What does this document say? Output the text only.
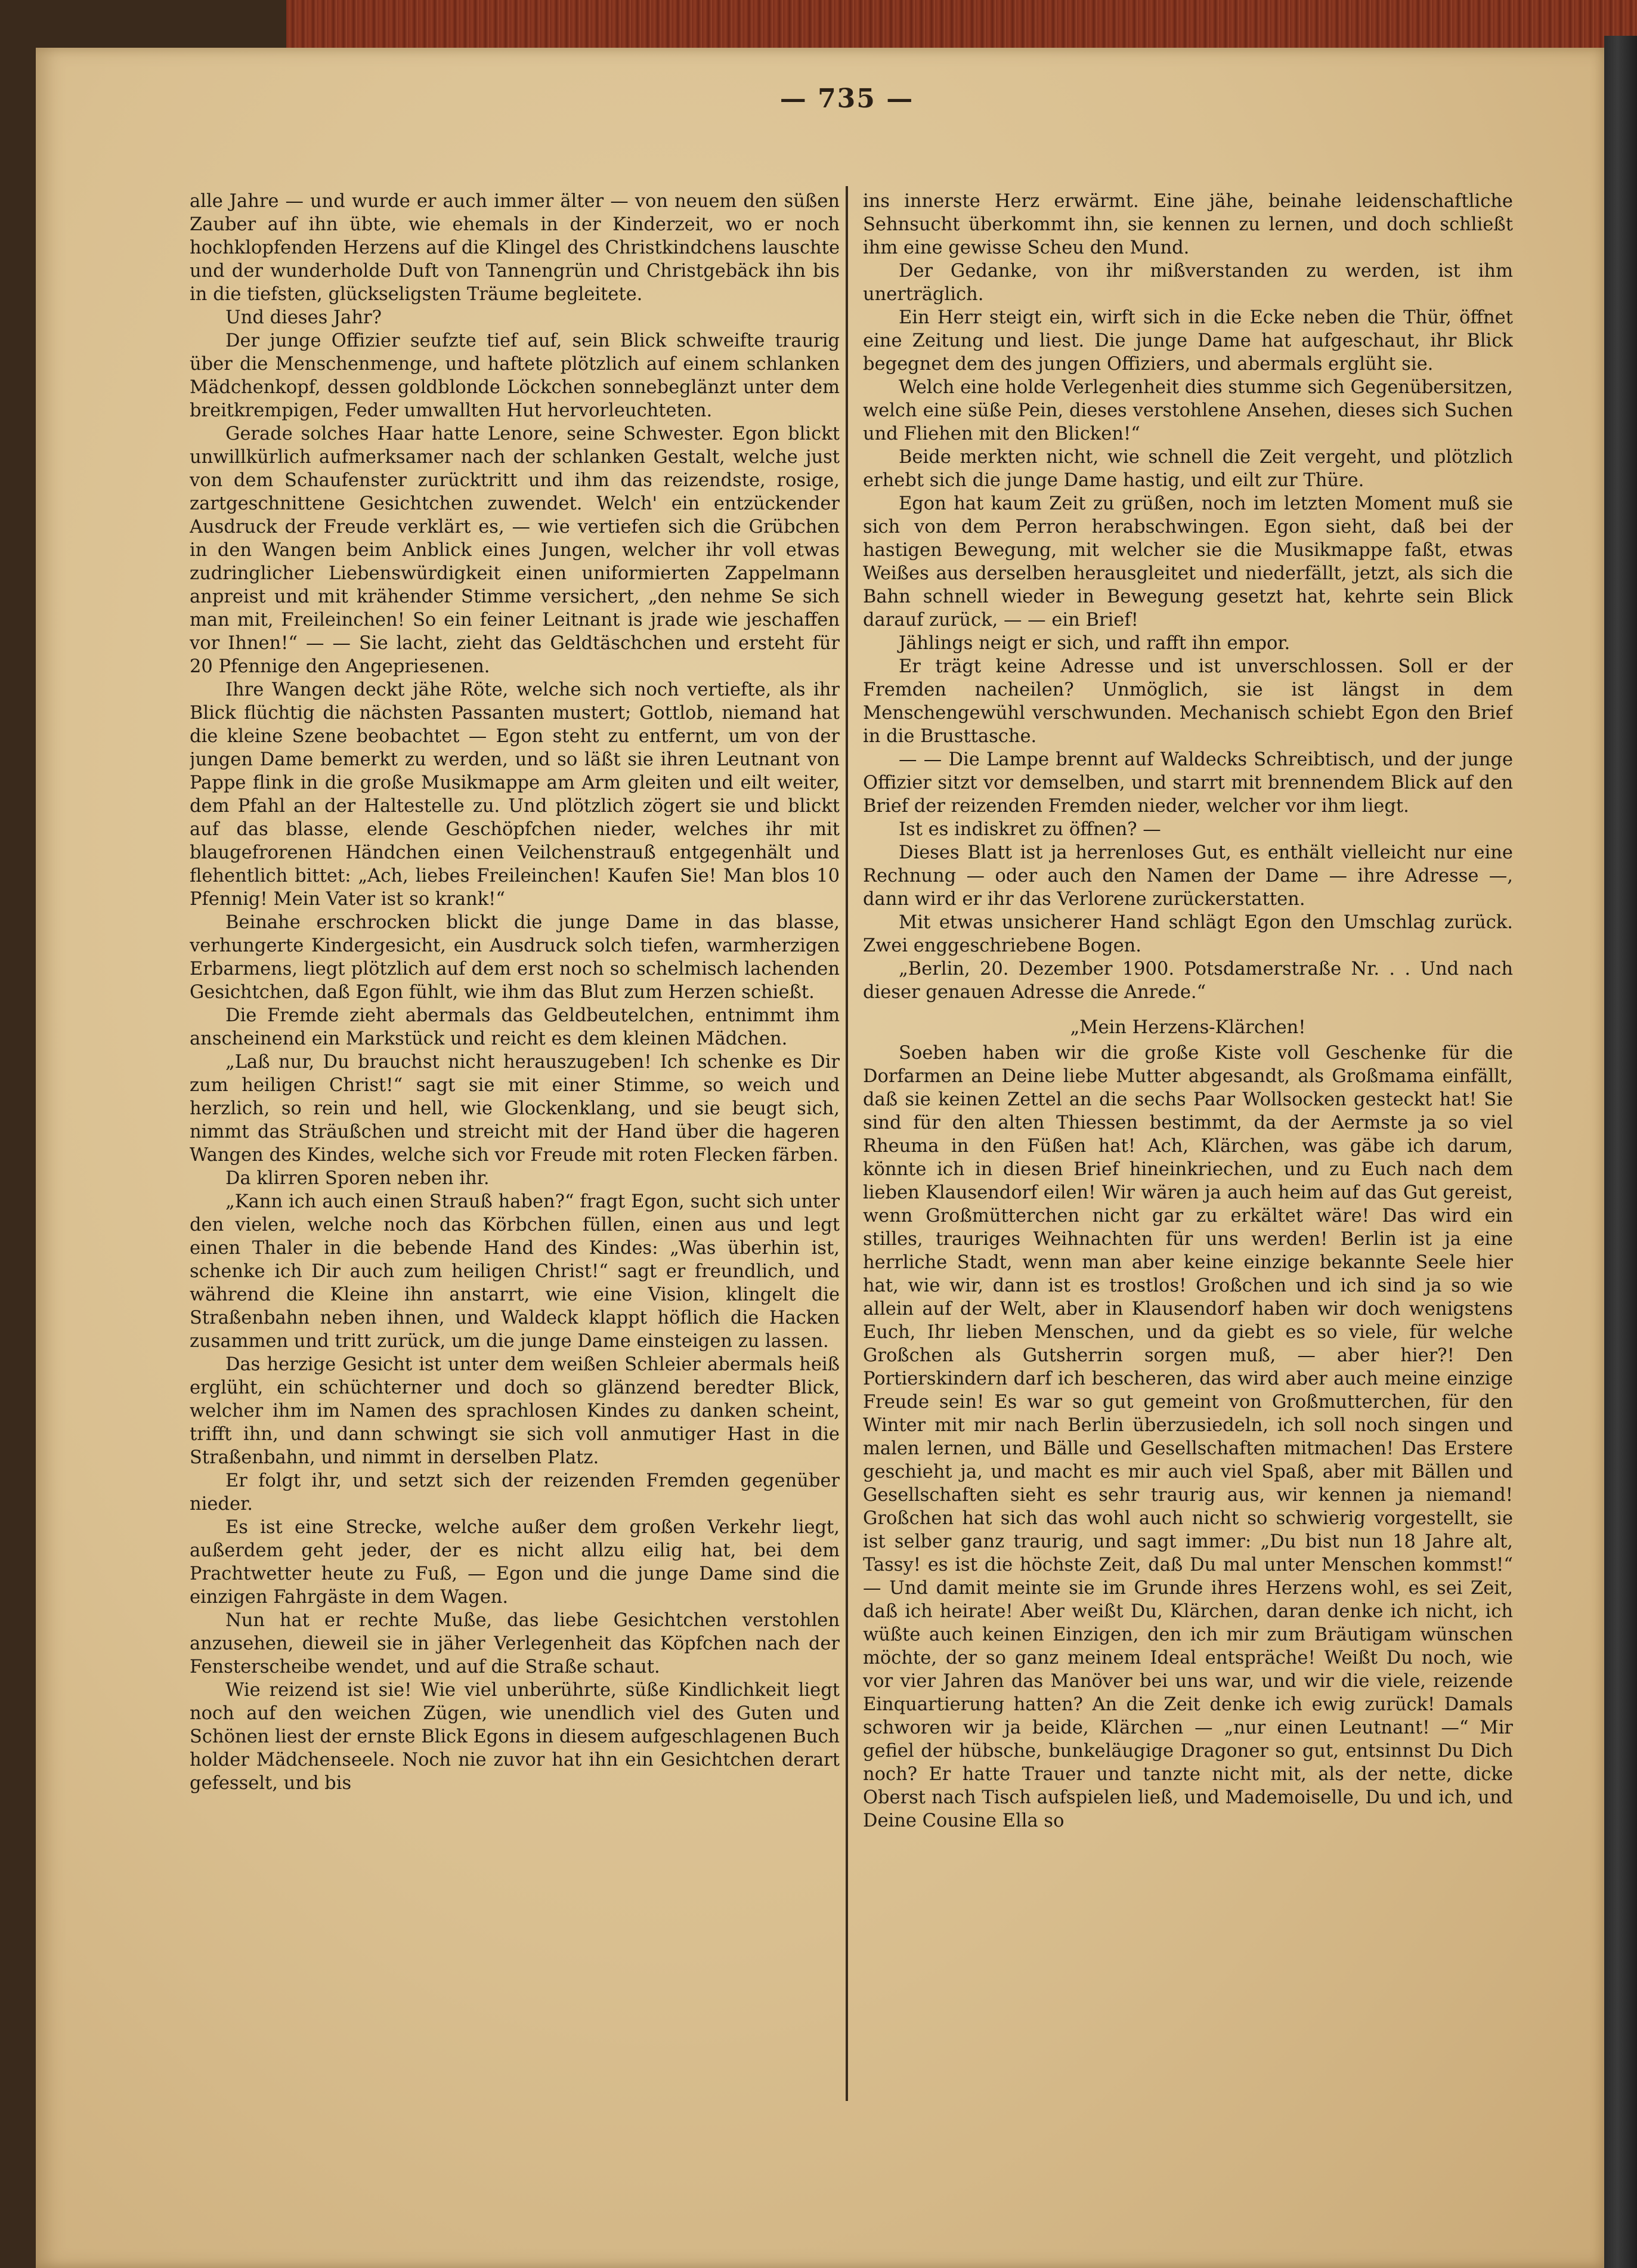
— 735 —

alle Jahre — und wurde er auch immer älter — von neuem den süßen Zauber auf ihn übte, wie ehemals in der Kinderzeit, wo er noch hochklopfenden Herzens auf die Klingel des Christkindchens lauschte und der wunderholde Duft von Tannengrün und Christgebäck ihn bis in die tiefsten, glückseligsten Träume begleitete.

Und dieses Jahr?

Der junge Offizier seufzte tief auf, sein Blick schweifte traurig über die Menschenmenge, und haftete plötzlich auf einem schlanken Mädchenkopf, dessen goldblonde Löckchen sonnebeglänzt unter dem breitkrempigen, Feder umwallten Hut hervorleuchteten.

Gerade solches Haar hatte Lenore, seine Schwester. Egon blickt unwillkürlich aufmerksamer nach der schlanken Gestalt, welche just von dem Schaufenster zurücktritt und ihm das reizendste, rosige, zartgeschnittene Gesichtchen zuwendet. Welch' ein entzückender Ausdruck der Freude verklärt es, — wie vertiefen sich die Grübchen in den Wangen beim Anblick eines Jungen, welcher ihr voll etwas zudringlicher Liebenswürdigkeit einen uniformierten Zappelmann anpreist und mit krähender Stimme versichert, „den nehme Se sich man mit, Freileinchen! So ein feiner Leitnant is jrade wie jeschaffen vor Ihnen!“ — — Sie lacht, zieht das Geldtäschchen und ersteht für 20 Pfennige den Angepriesenen.

Ihre Wangen deckt jähe Röte, welche sich noch vertiefte, als ihr Blick flüchtig die nächsten Passanten mustert; Gottlob, niemand hat die kleine Szene beobachtet — Egon steht zu entfernt, um von der jungen Dame bemerkt zu werden, und so läßt sie ihren Leutnant von Pappe flink in die große Musikmappe am Arm gleiten und eilt weiter, dem Pfahl an der Haltestelle zu. Und plötzlich zögert sie und blickt auf das blasse, elende Geschöpfchen nieder, welches ihr mit blaugefrorenen Händchen einen Veilchenstrauß entgegenhält und flehentlich bittet: „Ach, liebes Freileinchen! Kaufen Sie! Man blos 10 Pfennig! Mein Vater ist so krank!“

Beinahe erschrocken blickt die junge Dame in das blasse, verhungerte Kindergesicht, ein Ausdruck solch tiefen, warmherzigen Erbarmens, liegt plötzlich auf dem erst noch so schelmisch lachenden Gesichtchen, daß Egon fühlt, wie ihm das Blut zum Herzen schießt.

Die Fremde zieht abermals das Geldbeutelchen, entnimmt ihm anscheinend ein Markstück und reicht es dem kleinen Mädchen.

„Laß nur, Du brauchst nicht herauszugeben! Ich schenke es Dir zum heiligen Christ!“ sagt sie mit einer Stimme, so weich und herzlich, so rein und hell, wie Glockenklang, und sie beugt sich, nimmt das Sträußchen und streicht mit der Hand über die hageren Wangen des Kindes, welche sich vor Freude mit roten Flecken färben.

Da klirren Sporen neben ihr.

„Kann ich auch einen Strauß haben?“ fragt Egon, sucht sich unter den vielen, welche noch das Körbchen füllen, einen aus und legt einen Thaler in die bebende Hand des Kindes: „Was überhin ist, schenke ich Dir auch zum heiligen Christ!“ sagt er freundlich, und während die Kleine ihn anstarrt, wie eine Vision, klingelt die Straßenbahn neben ihnen, und Waldeck klappt höflich die Hacken zusammen und tritt zurück, um die junge Dame einsteigen zu lassen.

Das herzige Gesicht ist unter dem weißen Schleier abermals heiß erglüht, ein schüchterner und doch so glänzend beredter Blick, welcher ihm im Namen des sprachlosen Kindes zu danken scheint, trifft ihn, und dann schwingt sie sich voll anmutiger Hast in die Straßenbahn, und nimmt in derselben Platz.

Er folgt ihr, und setzt sich der reizenden Fremden gegenüber nieder.

Es ist eine Strecke, welche außer dem großen Verkehr liegt, außerdem geht jeder, der es nicht allzu eilig hat, bei dem Prachtwetter heute zu Fuß, — Egon und die junge Dame sind die einzigen Fahrgäste in dem Wagen.

Nun hat er rechte Muße, das liebe Gesichtchen verstohlen anzusehen, dieweil sie in jäher Verlegenheit das Köpfchen nach der Fensterscheibe wendet, und auf die Straße schaut.

Wie reizend ist sie! Wie viel unberührte, süße Kindlichkeit liegt noch auf den weichen Zügen, wie unendlich viel des Guten und Schönen liest der ernste Blick Egons in diesem aufgeschlagenen Buch holder Mädchenseele. Noch nie zuvor hat ihn ein Gesichtchen derart gefesselt, und bis

ins innerste Herz erwärmt. Eine jähe, beinahe leidenschaftliche Sehnsucht überkommt ihn, sie kennen zu lernen, und doch schließt ihm eine gewisse Scheu den Mund.

Der Gedanke, von ihr mißverstanden zu werden, ist ihm unerträglich.

Ein Herr steigt ein, wirft sich in die Ecke neben die Thür, öffnet eine Zeitung und liest. Die junge Dame hat aufgeschaut, ihr Blick begegnet dem des jungen Offiziers, und abermals erglüht sie.

Welch eine holde Verlegenheit dies stumme sich Gegenübersitzen, welch eine süße Pein, dieses verstohlene Ansehen, dieses sich Suchen und Fliehen mit den Blicken!“

Beide merkten nicht, wie schnell die Zeit vergeht, und plötzlich erhebt sich die junge Dame hastig, und eilt zur Thüre.

Egon hat kaum Zeit zu grüßen, noch im letzten Moment muß sie sich von dem Perron herabschwingen. Egon sieht, daß bei der hastigen Bewegung, mit welcher sie die Musikmappe faßt, etwas Weißes aus derselben herausgleitet und niederfällt, jetzt, als sich die Bahn schnell wieder in Bewegung gesetzt hat, kehrte sein Blick darauf zurück, — — ein Brief!

Jählings neigt er sich, und rafft ihn empor.

Er trägt keine Adresse und ist unverschlossen. Soll er der Fremden nacheilen? Unmöglich, sie ist längst in dem Menschengewühl verschwunden. Mechanisch schiebt Egon den Brief in die Brusttasche.

— — Die Lampe brennt auf Waldecks Schreibtisch, und der junge Offizier sitzt vor demselben, und starrt mit brennendem Blick auf den Brief der reizenden Fremden nieder, welcher vor ihm liegt.

Ist es indiskret zu öffnen? —

Dieses Blatt ist ja herrenloses Gut, es enthält vielleicht nur eine Rechnung — oder auch den Namen der Dame — ihre Adresse —, dann wird er ihr das Verlorene zurückerstatten.

Mit etwas unsicherer Hand schlägt Egon den Umschlag zurück. Zwei enggeschriebene Bogen.

„Berlin, 20. Dezember 1900. Potsdamerstraße Nr. . . Und nach dieser genauen Adresse die Anrede.“

„Mein Herzens-Klärchen!

Soeben haben wir die große Kiste voll Geschenke für die Dorfarmen an Deine liebe Mutter abgesandt, als Großmama einfällt, daß sie keinen Zettel an die sechs Paar Wollsocken gesteckt hat! Sie sind für den alten Thiessen bestimmt, da der Aermste ja so viel Rheuma in den Füßen hat! Ach, Klärchen, was gäbe ich darum, könnte ich in diesen Brief hineinkriechen, und zu Euch nach dem lieben Klausendorf eilen! Wir wären ja auch heim auf das Gut gereist, wenn Großmütterchen nicht gar zu erkältet wäre! Das wird ein stilles, trauriges Weihnachten für uns werden! Berlin ist ja eine herrliche Stadt, wenn man aber keine einzige bekannte Seele hier hat, wie wir, dann ist es trostlos! Großchen und ich sind ja so wie allein auf der Welt, aber in Klausendorf haben wir doch wenigstens Euch, Ihr lieben Menschen, und da giebt es so viele, für welche Großchen als Gutsherrin sorgen muß, — aber hier?! Den Portierskindern darf ich bescheren, das wird aber auch meine einzige Freude sein! Es war so gut gemeint von Großmutterchen, für den Winter mit mir nach Berlin überzusiedeln, ich soll noch singen und malen lernen, und Bälle und Gesellschaften mitmachen! Das Erstere geschieht ja, und macht es mir auch viel Spaß, aber mit Bällen und Gesellschaften sieht es sehr traurig aus, wir kennen ja niemand! Großchen hat sich das wohl auch nicht so schwierig vorgestellt, sie ist selber ganz traurig, und sagt immer: „Du bist nun 18 Jahre alt, Tassy! es ist die höchste Zeit, daß Du mal unter Menschen kommst!“ — Und damit meinte sie im Grunde ihres Herzens wohl, es sei Zeit, daß ich heirate! Aber weißt Du, Klärchen, daran denke ich nicht, ich wüßte auch keinen Einzigen, den ich mir zum Bräutigam wünschen möchte, der so ganz meinem Ideal entspräche! Weißt Du noch, wie vor vier Jahren das Manöver bei uns war, und wir die viele, reizende Einquartierung hatten? An die Zeit denke ich ewig zurück! Damals schworen wir ja beide, Klärchen — „nur einen Leutnant! —“ Mir gefiel der hübsche, bunkeläugige Dragoner so gut, entsinnst Du Dich noch? Er hatte Trauer und tanzte nicht mit, als der nette, dicke Oberst nach Tisch aufspielen ließ, und Mademoiselle, Du und ich, und Deine Cousine Ella so
